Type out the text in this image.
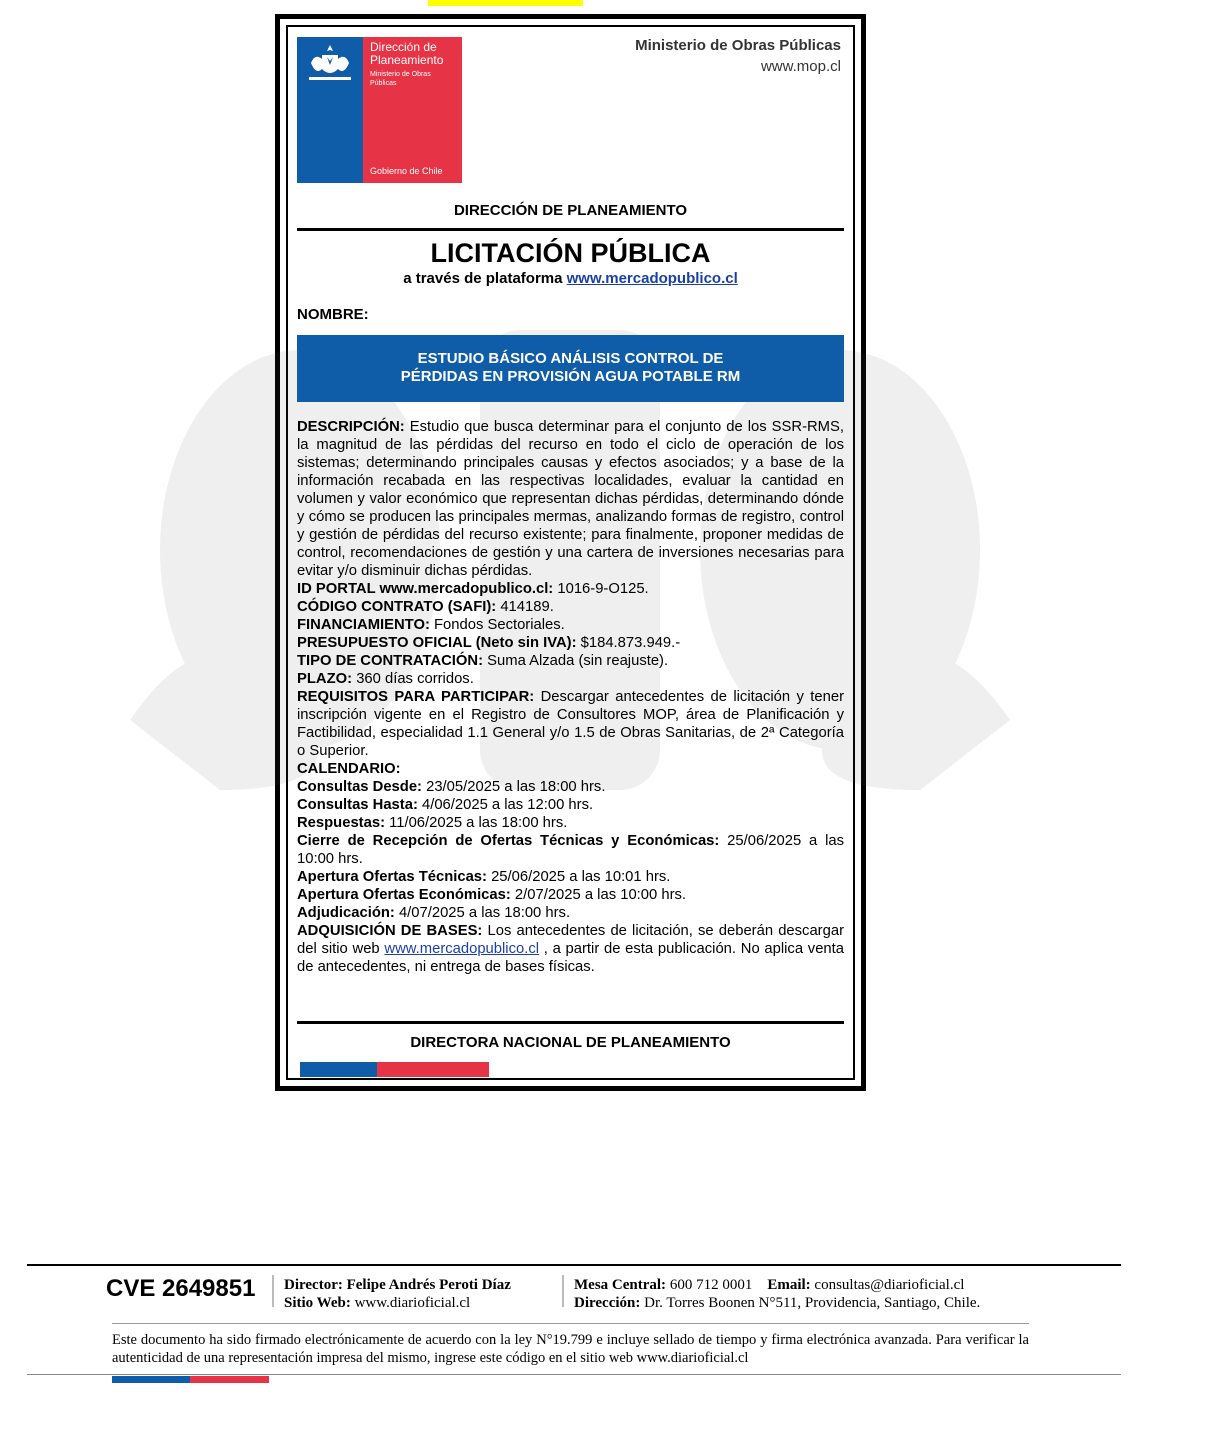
Dirección de
Planeamiento
Ministerio de Obras
Públicas
Gobierno de Chile
Ministerio de Obras Públicas
www.mop.cl
DIRECCIÓN DE PLANEAMIENTO
LICITACIÓN PÚBLICA
a través de plataforma www.mercadopublico.cl
NOMBRE:
ESTUDIO BÁSICO ANÁLISIS CONTROL DE
PÉRDIDAS EN PROVISIÓN AGUA POTABLE RM

DESCRIPCIÓN: Estudio que busca determinar para el conjunto de los SSR-RMS, la magnitud de las pérdidas del recurso en todo el ciclo de operación de los sistemas; determinando principales causas y efectos asociados; y a base de la información recabada en las respectivas localidades, evaluar la cantidad en volumen y valor económico que representan dichas pérdidas, determinando dónde y cómo se producen las principales mermas, analizando formas de registro, control y gestión de pérdidas del recurso existente; para finalmente, proponer medidas de control, recomendaciones de gestión y una cartera de inversiones necesarias para evitar y/o disminuir dichas pérdidas.

ID PORTAL www.mercadopublico.cl: 1016-9-O125.

CÓDIGO CONTRATO (SAFI): 414189.

FINANCIAMIENTO: Fondos Sectoriales.

PRESUPUESTO OFICIAL (Neto sin IVA): $184.873.949.-

TIPO DE CONTRATACIÓN: Suma Alzada (sin reajuste).

PLAZO: 360 días corridos.

REQUISITOS PARA PARTICIPAR: Descargar antecedentes de licitación y tener inscripción vigente en el Registro de Consultores MOP, área de Planificación y Factibilidad, especialidad 1.1 General y/o 1.5 de Obras Sanitarias, de 2ª Categoría o Superior.

CALENDARIO:

Consultas Desde: 23/05/2025 a las 18:00 hrs.

Consultas Hasta: 4/06/2025 a las 12:00 hrs.

Respuestas: 11/06/2025 a las 18:00 hrs.

Cierre de Recepción de Ofertas Técnicas y Económicas: 25/06/2025 a las 10:00 hrs.

Apertura Ofertas Técnicas: 25/06/2025 a las 10:01 hrs.

Apertura Ofertas Económicas: 2/07/2025 a las 10:00 hrs.

Adjudicación: 4/07/2025 a las 18:00 hrs.

ADQUISICIÓN DE BASES: Los antecedentes de licitación, se deberán descargar del sitio web www.mercadopublico.cl , a partir de esta publicación. No aplica venta de antecedentes, ni entrega de bases físicas.

DIRECTORA NACIONAL DE PLANEAMIENTO
CVE 2649851 Director: Felipe Andrés Peroti Díaz
Sitio Web: www.diarioficial.cl
Mesa Central: 600 712 0001 Email: consultas@diarioficial.cl
Dirección: Dr. Torres Boonen N°511, Providencia, Santiago, Chile.
Este documento ha sido firmado electrónicamente de acuerdo con la ley N°19.799 e incluye sellado de tiempo y firma electrónica avanzada. Para verificar la autenticidad de una representación impresa del mismo, ingrese este código en el sitio web www.diarioficial.cl
